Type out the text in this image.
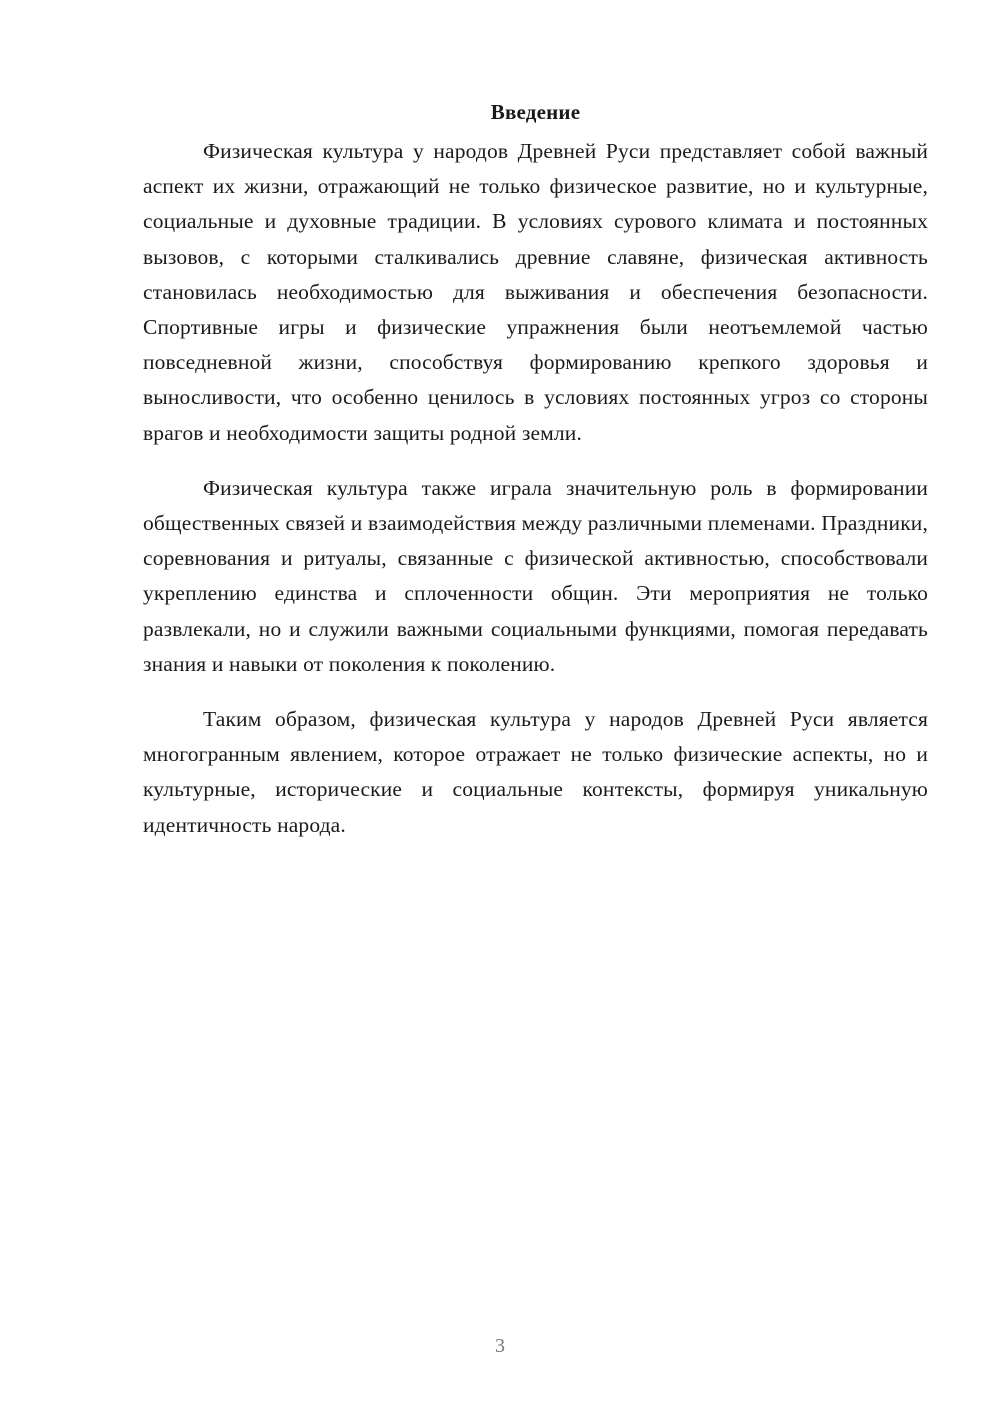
Введение

Физическая культура у народов Древней Руси представляет собой важный аспект их жизни, отражающий не только физическое развитие, но и культурные, социальные и духовные традиции. В условиях сурового климата и постоянных вызовов, с которыми сталкивались древние славяне, физическая активность становилась необходимостью для выживания и обеспечения безопасности. Спортивные игры и физические упражнения были неотъемлемой частью повседневной жизни, способствуя формированию крепкого здоровья и выносливости, что особенно ценилось в условиях постоянных угроз со стороны врагов и необходимости защиты родной земли.

Физическая культура также играла значительную роль в формировании общественных связей и взаимодействия между различными племенами. Праздники, соревнования и ритуалы, связанные с физической активностью, способствовали укреплению единства и сплоченности общин. Эти мероприятия не только развлекали, но и служили важными социальными функциями, помогая передавать знания и навыки от поколения к поколению.

Таким образом, физическая культура у народов Древней Руси является многогранным явлением, которое отражает не только физические аспекты, но и культурные, исторические и социальные контексты, формируя уникальную идентичность народа.

3
